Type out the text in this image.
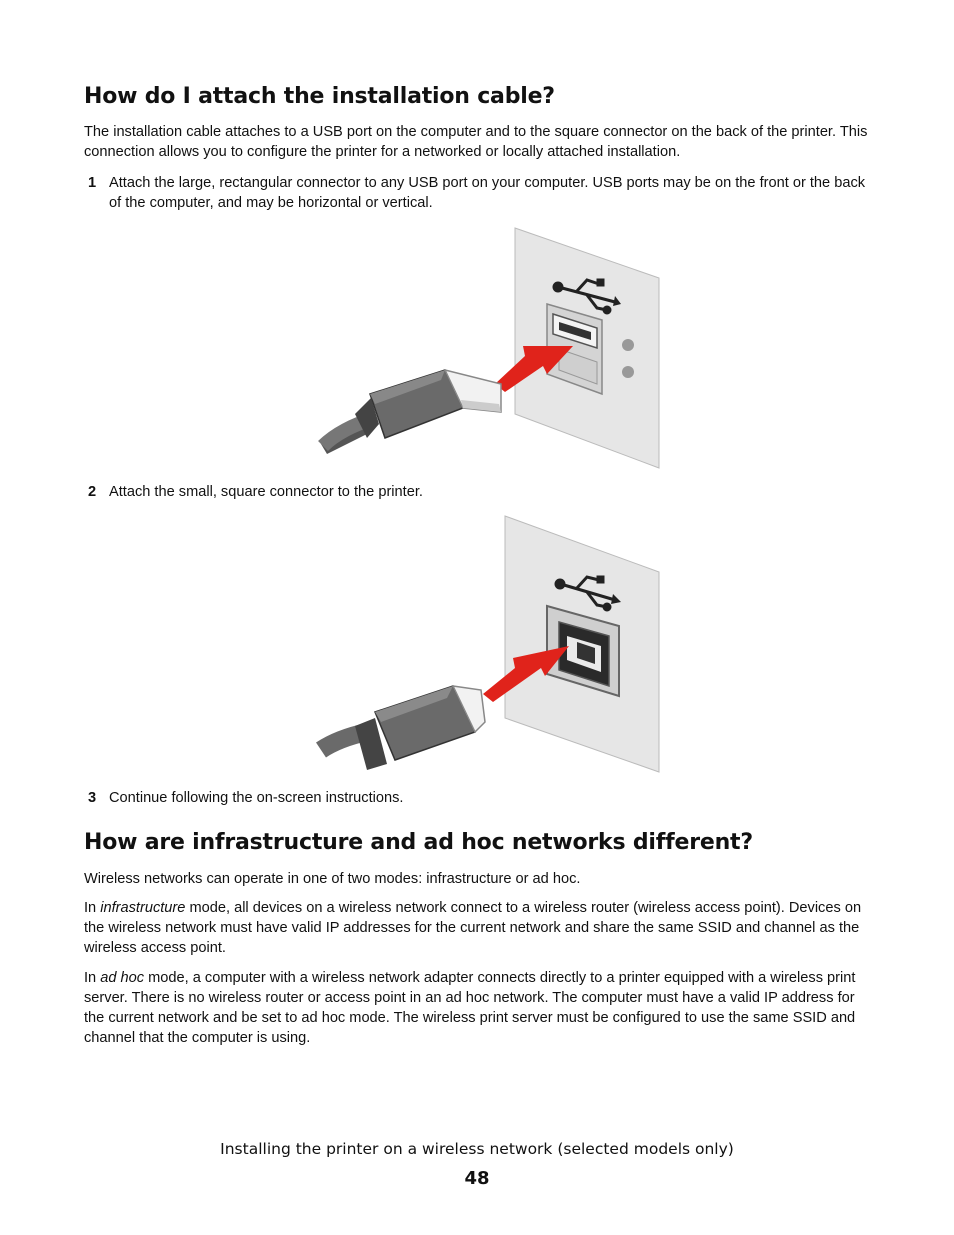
How do I attach the installation cable?

The installation cable attaches to a USB port on the computer and to the square connector on the back of the printer. This connection allows you to configure the printer for a networked or locally attached installation.

1 Attach the large, rectangular connector to any USB port on your computer. USB ports may be on the front or the back of the computer, and may be horizontal or vertical.
2 Attach the small, square connector to the printer.
3 Continue following the on-screen instructions.
How are infrastructure and ad hoc networks different?

Wireless networks can operate in one of two modes: infrastructure or ad hoc.

In infrastructure mode, all devices on a wireless network connect to a wireless router (wireless access point). Devices on the wireless network must have valid IP addresses for the current network and share the same SSID and channel as the wireless access point.

In ad hoc mode, a computer with a wireless network adapter connects directly to a printer equipped with a wireless print server. There is no wireless router or access point in an ad hoc network. The computer must have a valid IP address for the current network and be set to ad hoc mode. The wireless print server must be configured to use the same SSID and channel that the computer is using.

Installing the printer on a wireless network (selected models only)
48
